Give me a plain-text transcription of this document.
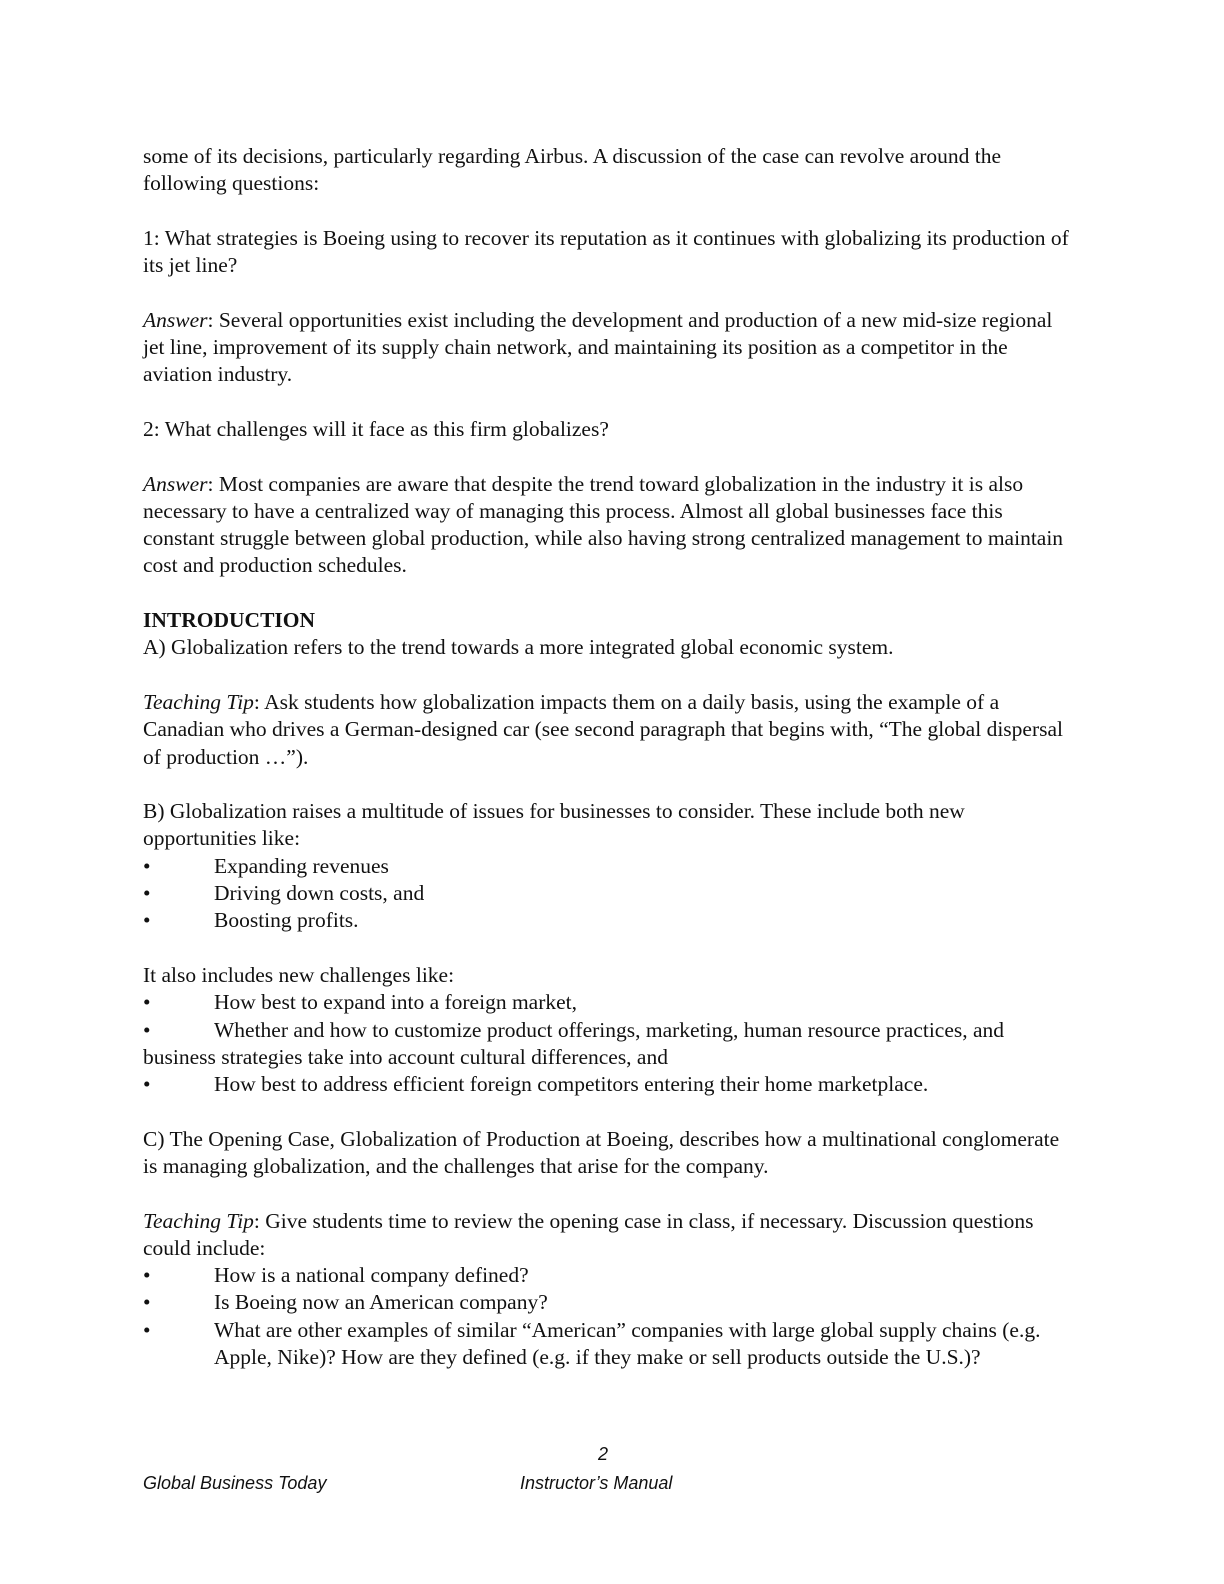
some of its decisions, particularly regarding Airbus. A discussion of the case can revolve around the following questions:

1: What strategies is Boeing using to recover its reputation as it continues with globalizing its production of its jet line?

Answer: Several opportunities exist including the development and production of a new mid-size regional jet line, improvement of its supply chain network, and maintaining its position as a competitor in the aviation industry.

2: What challenges will it face as this firm globalizes?

Answer: Most companies are aware that despite the trend toward globalization in the industry it is also necessary to have a centralized way of managing this process. Almost all global businesses face this constant struggle between global production, while also having strong centralized management to maintain cost and production schedules.

INTRODUCTION

A) Globalization refers to the trend towards a more integrated global economic system.

Teaching Tip: Ask students how globalization impacts them on a daily basis, using the example of a Canadian who drives a German-designed car (see second paragraph that begins with, “The global dispersal of production …”).

B) Globalization raises a multitude of issues for businesses to consider. These include both new opportunities like:

•	Expanding revenues
•	Driving down costs, and
•	Boosting profits.

It also includes new challenges like:

•	How best to expand into a foreign market,
•	Whether and how to customize product offerings, marketing, human resource practices, and business strategies take into account cultural differences, and
•	How best to address efficient foreign competitors entering their home marketplace.

C) The Opening Case, Globalization of Production at Boeing, describes how a multinational conglomerate is managing globalization, and the challenges that arise for the company.

Teaching Tip: Give students time to review the opening case in class, if necessary. Discussion questions could include:

•	How is a national company defined?
•	Is Boeing now an American company?
•	What are other examples of similar “American” companies with large global supply chains (e.g. Apple, Nike)? How are they defined (e.g. if they make or sell products outside the U.S.)?
2
Global Business Today	Instructor’s Manual
